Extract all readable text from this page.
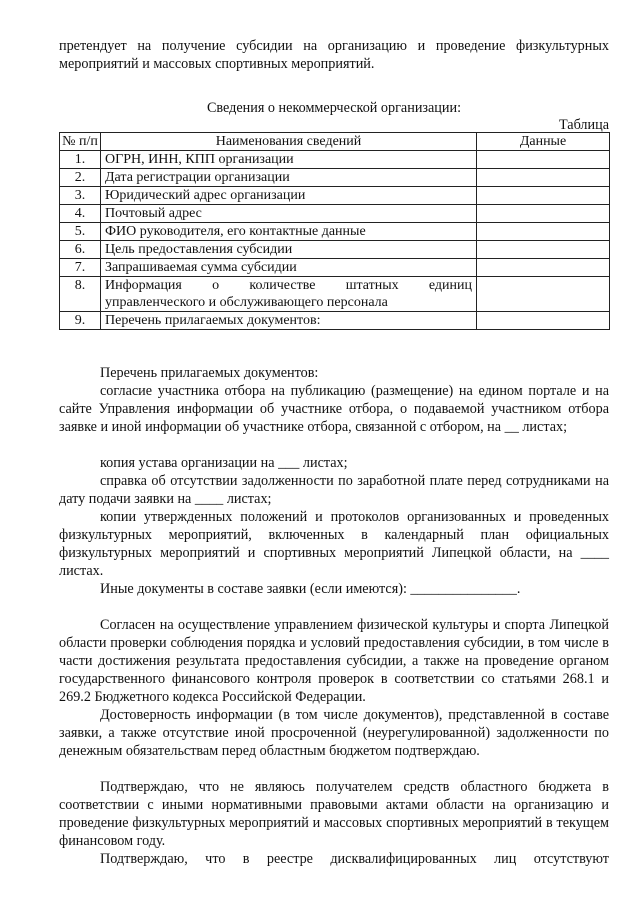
претендует на получение субсидии на организацию и проведение физкультурных мероприятий и массовых спортивных мероприятий.

Сведения о некоммерческой организации:
Таблица
№ п/п	Наименования сведений	Данные
1.	ОГРН, ИНН, КПП организации	
2.	Дата регистрации организации	
3.	Юридический адрес организации	
4.	Почтовый адрес	
5.	ФИО руководителя, его контактные данные	
6.	Цель предоставления субсидии	
7.	Запрашиваемая сумма субсидии	
8.	Информация о количестве штатных единиц
управленческого и обслуживающего персонала	

9.	Перечень прилагаемых документов:	

Перечень прилагаемых документов:

согласие участника отбора на публикацию (размещение) на едином портале и на сайте Управления информации об участнике отбора, о подаваемой участником отбора заявке и иной информации об участнике отбора, связанной с отбором, на __ листах;

копия устава организации на ___ листах;

справка об отсутствии задолженности по заработной плате перед сотрудниками на дату подачи заявки на ____ листах;

копии утвержденных положений и протоколов организованных и проведенных физкультурных мероприятий, включенных в календарный план официальных физкультурных мероприятий и спортивных мероприятий Липецкой области, на ____ листах.

Иные документы в составе заявки (если имеются): _______________.

Согласен на осуществление управлением физической культуры и спорта Липецкой области проверки соблюдения порядка и условий предоставления субсидии, в том числе в части достижения результата предоставления субсидии, а также на проведение органом государственного финансового контроля проверок в соответствии со статьями 268.1 и 269.2 Бюджетного кодекса Российской Федерации.

Достоверность информации (в том числе документов), представленной в составе заявки, а также отсутствие иной просроченной (неурегулированной) задолженности по денежным обязательствам перед областным бюджетом подтверждаю.

Подтверждаю, что не являюсь получателем средств областного бюджета в соответствии с иными нормативными правовыми актами области на организацию и проведение физкультурных мероприятий и массовых спортивных мероприятий в текущем финансовом году.

Подтверждаю, что в реестре дисквалифицированных лиц отсутствуют
